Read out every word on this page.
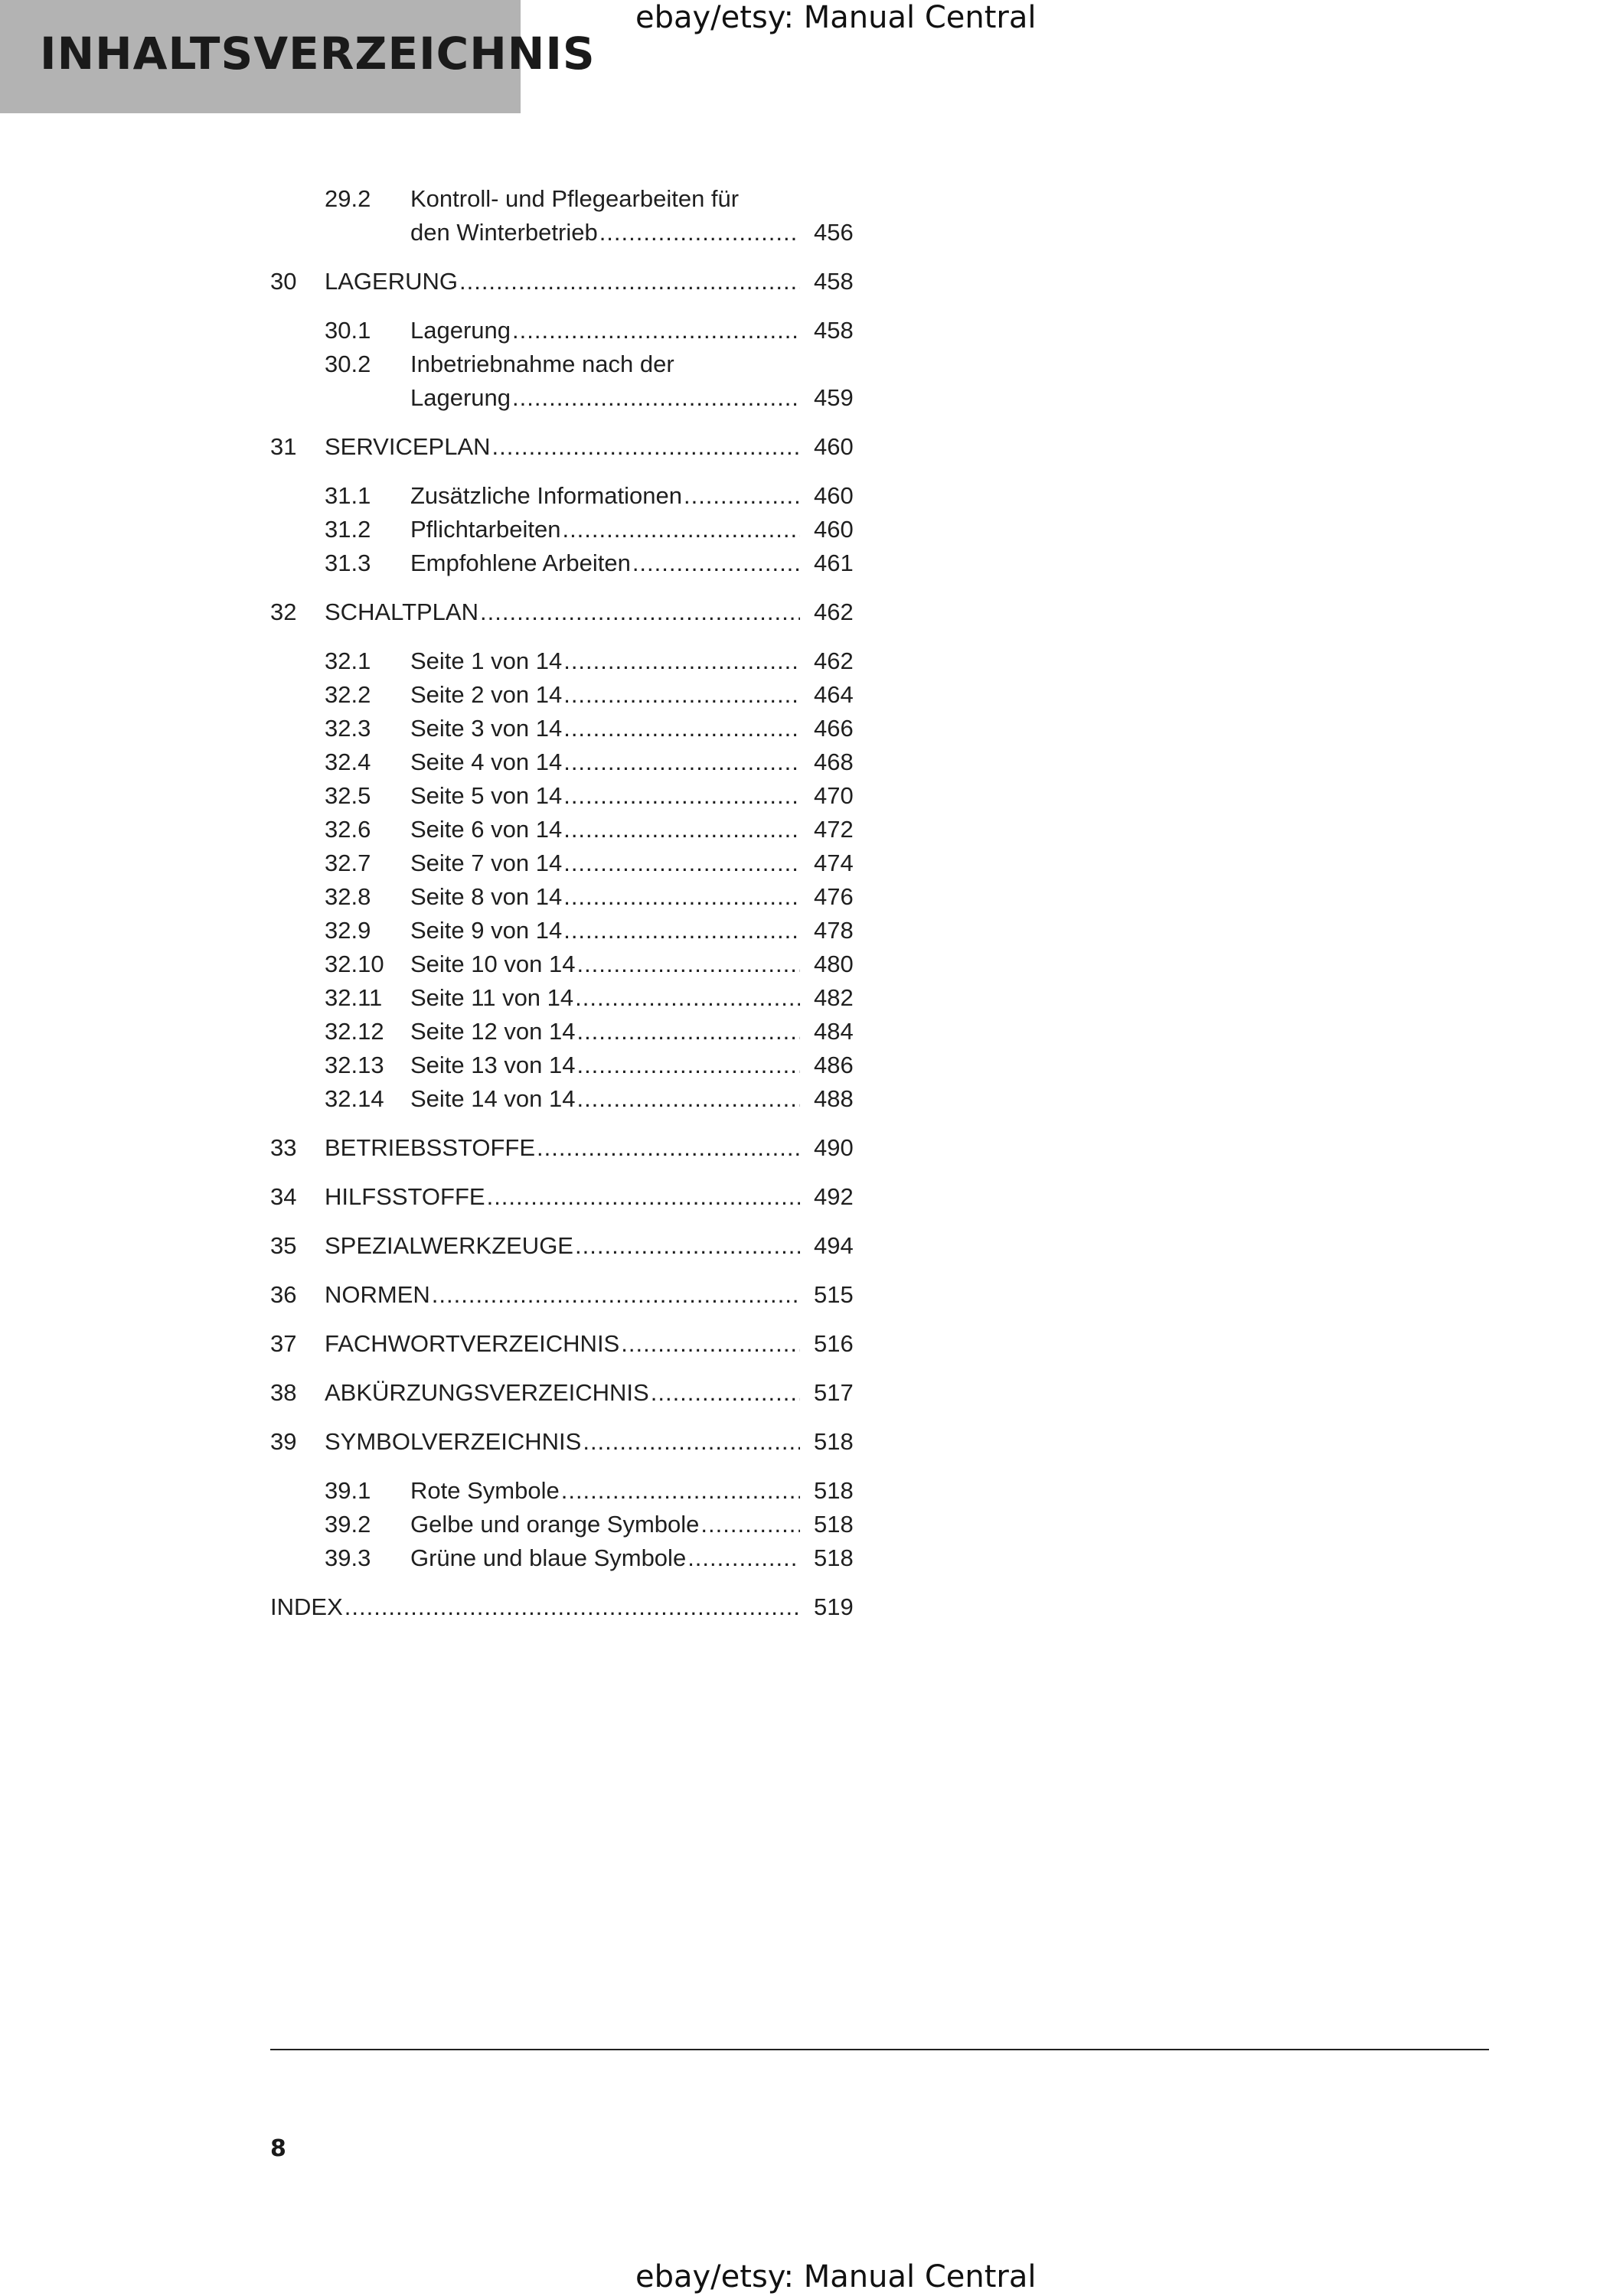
INHALTSVERZEICHNIS
ebay/etsy: Manual Central
29.2	Kontroll- und Pflegearbeiten für
den Winterbetrieb .....	456
30	LAGERUNG .....	458
30.1	Lagerung .....	458
30.2	Inbetriebnahme nach der
Lagerung .....	459
31	SERVICEPLAN .....	460
31.1	Zusätzliche Informationen .....	460
31.2	Pflichtarbeiten .....	460
31.3	Empfohlene Arbeiten .....	461
32	SCHALTPLAN .....	462
32.1	Seite 1 von 14 .....	462
32.2	Seite 2 von 14 .....	464
32.3	Seite 3 von 14 .....	466
32.4	Seite 4 von 14 .....	468
32.5	Seite 5 von 14 .....	470
32.6	Seite 6 von 14 .....	472
32.7	Seite 7 von 14 .....	474
32.8	Seite 8 von 14 .....	476
32.9	Seite 9 von 14 .....	478
32.10	Seite 10 von 14 .....	480
32.11	Seite 11 von 14 .....	482
32.12	Seite 12 von 14 .....	484
32.13	Seite 13 von 14 .....	486
32.14	Seite 14 von 14 .....	488
33	BETRIEBSSTOFFE .....	490
34	HILFSSTOFFE .....	492
35	SPEZIALWERKZEUGE .....	494
36	NORMEN .....	515
37	FACHWORTVERZEICHNIS .....	516
38	ABKÜRZUNGSVERZEICHNIS .....	517
39	SYMBOLVERZEICHNIS .....	518
39.1	Rote Symbole .....	518
39.2	Gelbe und orange Symbole .....	518
39.3	Grüne und blaue Symbole .....	518
INDEX .....	519
8
ebay/etsy: Manual Central
